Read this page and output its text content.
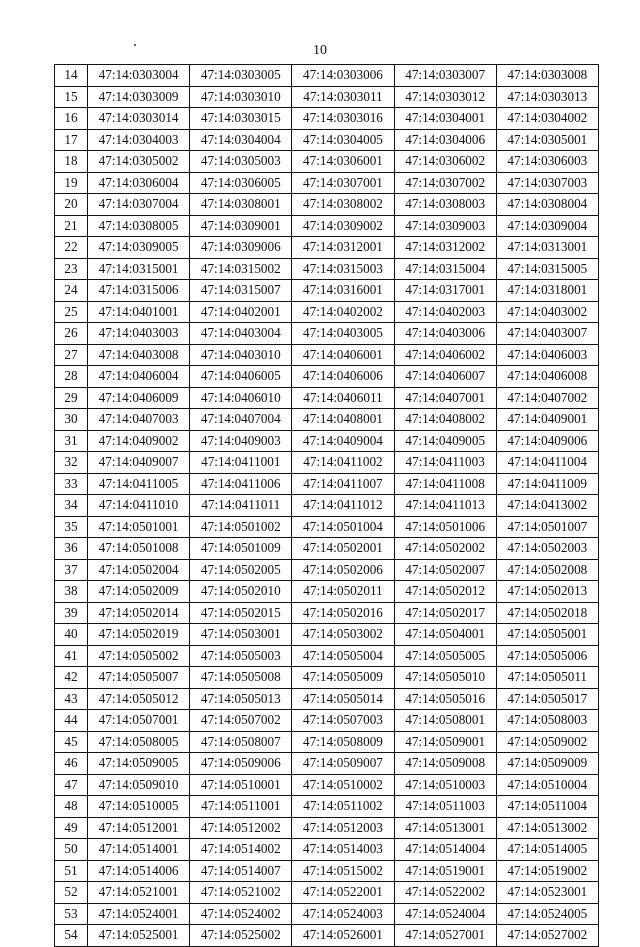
10
14	47:14:0303004	47:14:0303005	47:14:0303006	47:14:0303007	47:14:0303008
15	47:14:0303009	47:14:0303010	47:14:0303011	47:14:0303012	47:14:0303013
16	47:14:0303014	47:14:0303015	47:14:0303016	47:14:0304001	47:14:0304002
17	47:14:0304003	47:14:0304004	47:14:0304005	47:14:0304006	47:14:0305001
18	47:14:0305002	47:14:0305003	47:14:0306001	47:14:0306002	47:14:0306003
19	47:14:0306004	47:14:0306005	47:14:0307001	47:14:0307002	47:14:0307003
20	47:14:0307004	47:14:0308001	47:14:0308002	47:14:0308003	47:14:0308004
21	47:14:0308005	47:14:0309001	47:14:0309002	47:14:0309003	47:14:0309004
22	47:14:0309005	47:14:0309006	47:14:0312001	47:14:0312002	47:14:0313001
23	47:14:0315001	47:14:0315002	47:14:0315003	47:14:0315004	47:14:0315005
24	47:14:0315006	47:14:0315007	47:14:0316001	47:14:0317001	47:14:0318001
25	47:14:0401001	47:14:0402001	47:14:0402002	47:14:0402003	47:14:0403002
26	47:14:0403003	47:14:0403004	47:14:0403005	47:14:0403006	47:14:0403007
27	47:14:0403008	47:14:0403010	47:14:0406001	47:14:0406002	47:14:0406003
28	47:14:0406004	47:14:0406005	47:14:0406006	47:14:0406007	47:14:0406008
29	47:14:0406009	47:14:0406010	47:14:0406011	47:14:0407001	47:14:0407002
30	47:14:0407003	47:14:0407004	47:14:0408001	47:14:0408002	47:14:0409001
31	47:14:0409002	47:14:0409003	47:14:0409004	47:14:0409005	47:14:0409006
32	47:14:0409007	47:14:0411001	47:14:0411002	47:14:0411003	47:14:0411004
33	47:14:0411005	47:14:0411006	47:14:0411007	47:14:0411008	47:14:0411009
34	47:14:0411010	47:14:0411011	47:14:0411012	47:14:0411013	47:14:0413002
35	47:14:0501001	47:14:0501002	47:14:0501004	47:14:0501006	47:14:0501007
36	47:14:0501008	47:14:0501009	47:14:0502001	47:14:0502002	47:14:0502003
37	47:14:0502004	47:14:0502005	47:14:0502006	47:14:0502007	47:14:0502008
38	47:14:0502009	47:14:0502010	47:14:0502011	47:14:0502012	47:14:0502013
39	47:14:0502014	47:14:0502015	47:14:0502016	47:14:0502017	47:14:0502018
40	47:14:0502019	47:14:0503001	47:14:0503002	47:14:0504001	47:14:0505001
41	47:14:0505002	47:14:0505003	47:14:0505004	47:14:0505005	47:14:0505006
42	47:14:0505007	47:14:0505008	47:14:0505009	47:14:0505010	47:14:0505011
43	47:14:0505012	47:14:0505013	47:14:0505014	47:14:0505016	47:14:0505017
44	47:14:0507001	47:14:0507002	47:14:0507003	47:14:0508001	47:14:0508003
45	47:14:0508005	47:14:0508007	47:14:0508009	47:14:0509001	47:14:0509002
46	47:14:0509005	47:14:0509006	47:14:0509007	47:14:0509008	47:14:0509009
47	47:14:0509010	47:14:0510001	47:14:0510002	47:14:0510003	47:14:0510004
48	47:14:0510005	47:14:0511001	47:14:0511002	47:14:0511003	47:14:0511004
49	47:14:0512001	47:14:0512002	47:14:0512003	47:14:0513001	47:14:0513002
50	47:14:0514001	47:14:0514002	47:14:0514003	47:14:0514004	47:14:0514005
51	47:14:0514006	47:14:0514007	47:14:0515002	47:14:0519001	47:14:0519002
52	47:14:0521001	47:14:0521002	47:14:0522001	47:14:0522002	47:14:0523001
53	47:14:0524001	47:14:0524002	47:14:0524003	47:14:0524004	47:14:0524005
54	47:14:0525001	47:14:0525002	47:14:0526001	47:14:0527001	47:14:0527002
